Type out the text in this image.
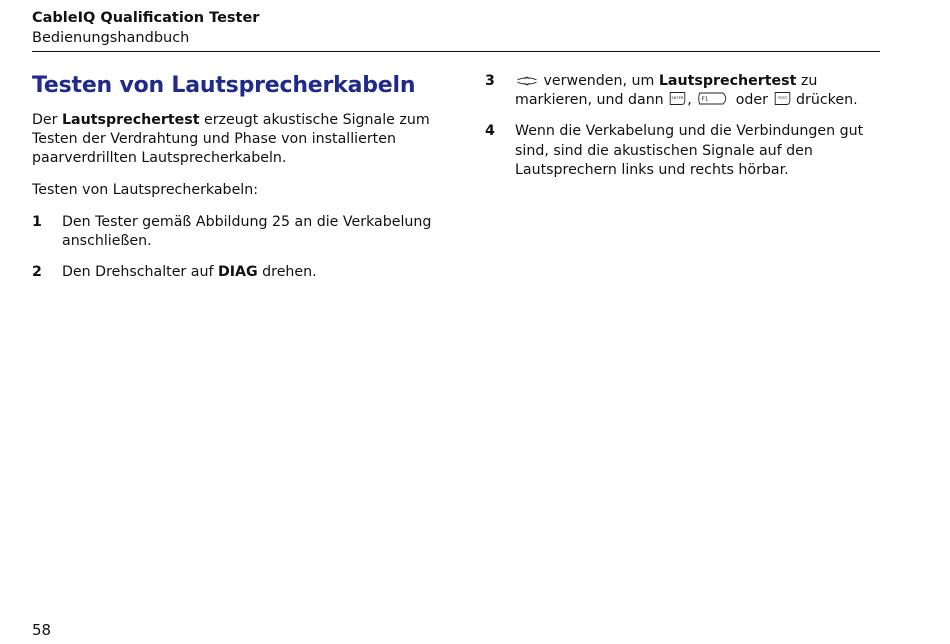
CableIQ Qualification Tester
Bedienungshandbuch
Testen von Lautsprecherkabeln

Der Lautsprechertest erzeugt akustische Signale zum Testen der Verdrahtung und Phase von installierten paarverdrillten Lautsprecherkabeln.

Testen von Lautsprecherkabeln:

1	Den Tester gemäß Abbildung 25 an die Verkabelung anschließen.
2	Den Drehschalter auf DIAG drehen.
3	verwenden, um Lautsprechertest zu markieren, und dann ENTER , F1 oder TEST drücken.
4	Wenn die Verkabelung und die Verbindungen gut sind, sind die akustischen Signale auf den Lautsprechern links und rechts hörbar.
58
